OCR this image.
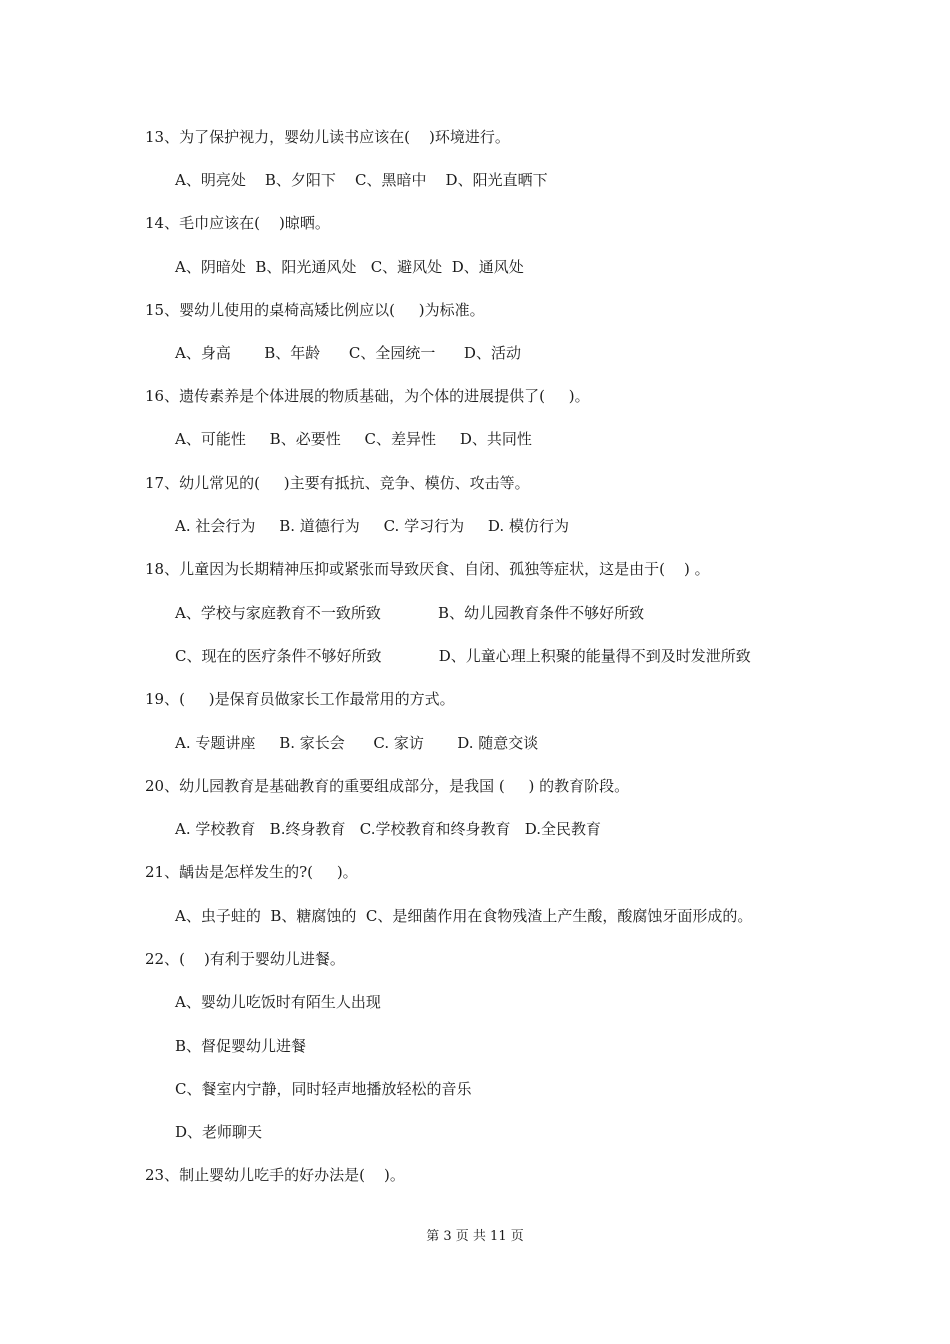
13、为了保护视力，婴幼儿读书应该在(    )环境进行。
A、明亮处    B、夕阳下    C、黑暗中    D、阳光直晒下
14、毛巾应该在(    )晾晒。
A、阴暗处  B、阳光通风处   C、避风处  D、通风处
15、婴幼儿使用的桌椅高矮比例应以(     )为标准。
A、身高       B、年龄      C、全园统一      D、活动
16、遗传素养是个体进展的物质基础，为个体的进展提供了(     )。
A、可能性     B、必要性     C、差异性     D、共同性
17、幼儿常见的(     )主要有抵抗、竞争、模仿、攻击等。
A. 社会行为     B. 道德行为     C. 学习行为     D. 模仿行为
18、儿童因为长期精神压抑或紧张而导致厌食、自闭、孤独等症状，这是由于(    ) 。
A、学校与家庭教育不一致所致            B、幼儿园教育条件不够好所致
C、现在的医疗条件不够好所致            D、儿童心理上积聚的能量得不到及时发泄所致
19、(     )是保育员做家长工作最常用的方式。
A. 专题讲座     B. 家长会      C. 家访       D. 随意交谈
20、幼儿园教育是基础教育的重要组成部分，是我国 (     ) 的教育阶段。
A. 学校教育   B.终身教育   C.学校教育和终身教育   D.全民教育
21、龋齿是怎样发生的?(     )。
A、虫子蛀的  B、糖腐蚀的  C、是细菌作用在食物残渣上产生酸，酸腐蚀牙面形成的。
22、(    )有利于婴幼儿进餐。
A、婴幼儿吃饭时有陌生人出现
B、督促婴幼儿进餐
C、餐室内宁静，同时轻声地播放轻松的音乐
D、老师聊天
23、制止婴幼儿吃手的好办法是(    )。
第 3 页 共 11 页
